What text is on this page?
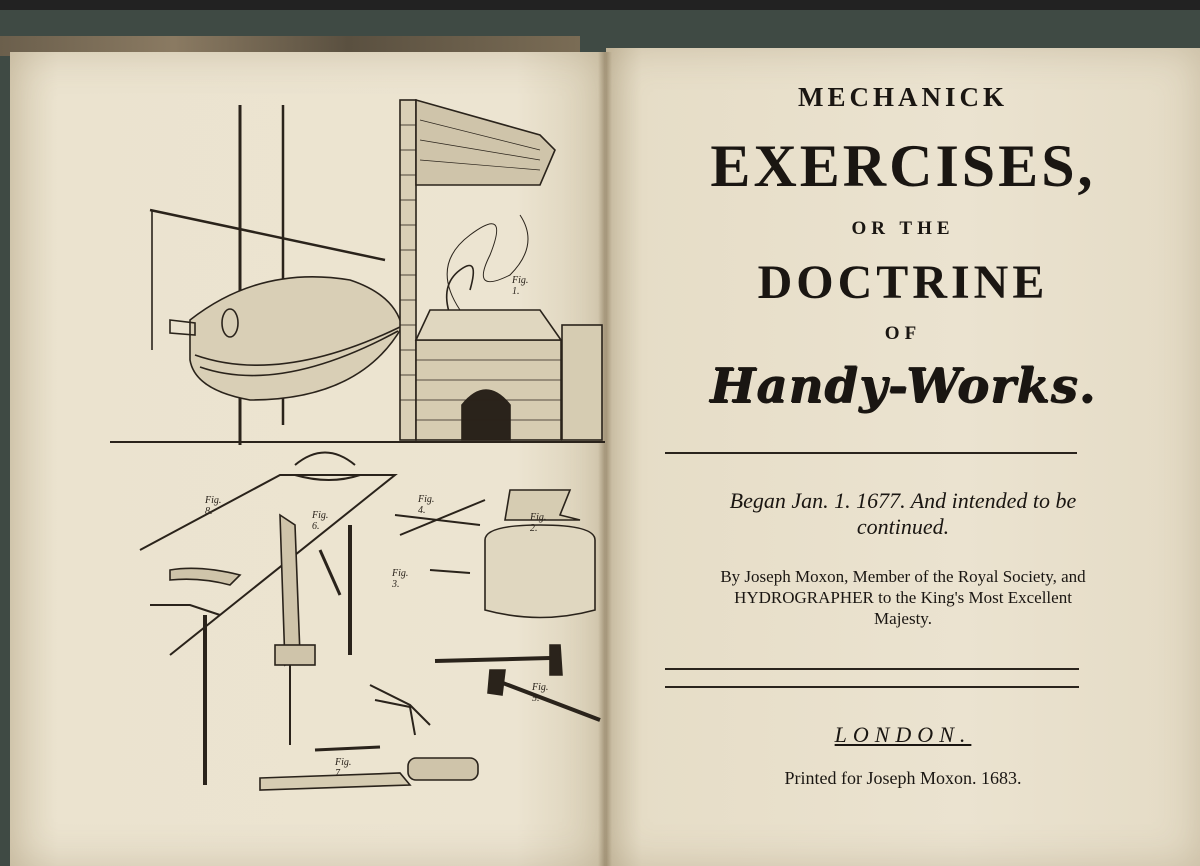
Fig. 1.
Fig. 2.
Fig. 3.
Fig. 4.
Fig. 5.
Fig. 6.
Fig. 7.
Fig. 8.

MECHANICK

EXERCISES,

OR THE

DOCTRINE

OF

Handy-Works.

Began Jan. 1. 1677. And intended to be continued.

By Joseph Moxon, Member of the Royal Society, and HYDROGRAPHER to the King's Most Excellent Majesty.

LONDON.

Printed for Joseph Moxon. 1683.
